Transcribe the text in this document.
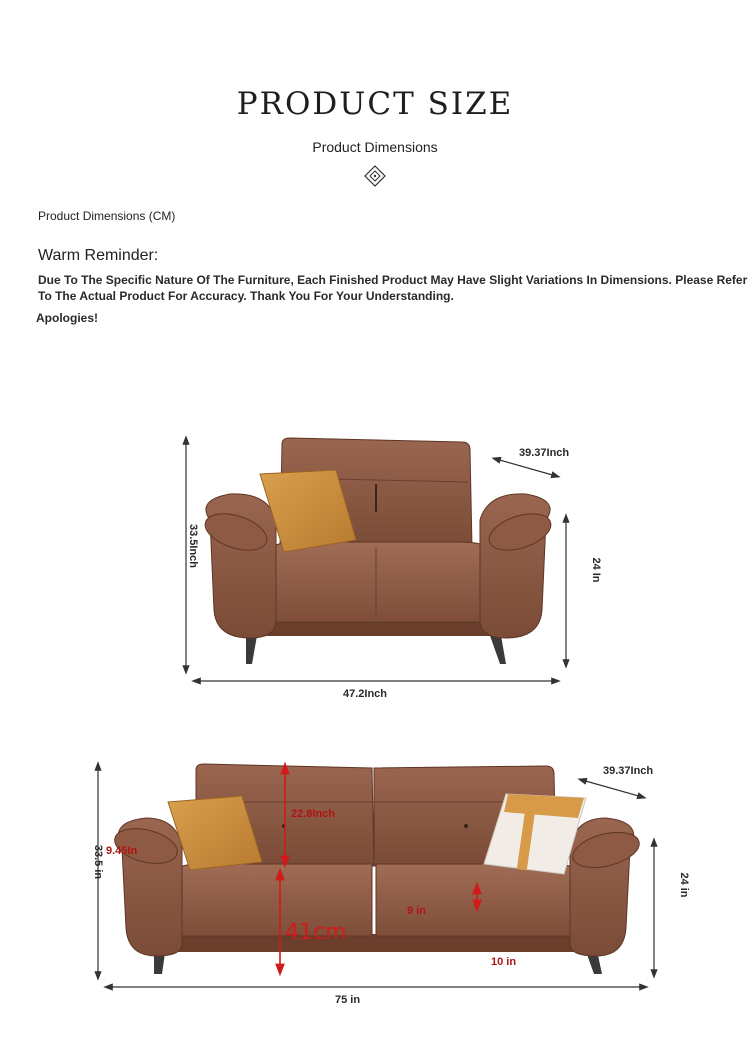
PRODUCT SIZE
Product Dimensions
Product Dimensions (CM)
Warm Reminder:
Due To The Specific Nature Of The Furniture, Each Finished Product May Have Slight Variations In Dimensions. Please Refer
To The Actual Product For Accuracy. Thank You For Your Understanding.
Apologies!
39.37Inch
33.5Inch
24 In
47.2Inch
39.37Inch
33.5 in 9.45In
22.8Inch
24 in
41cm
9 in
10 in
75 in
